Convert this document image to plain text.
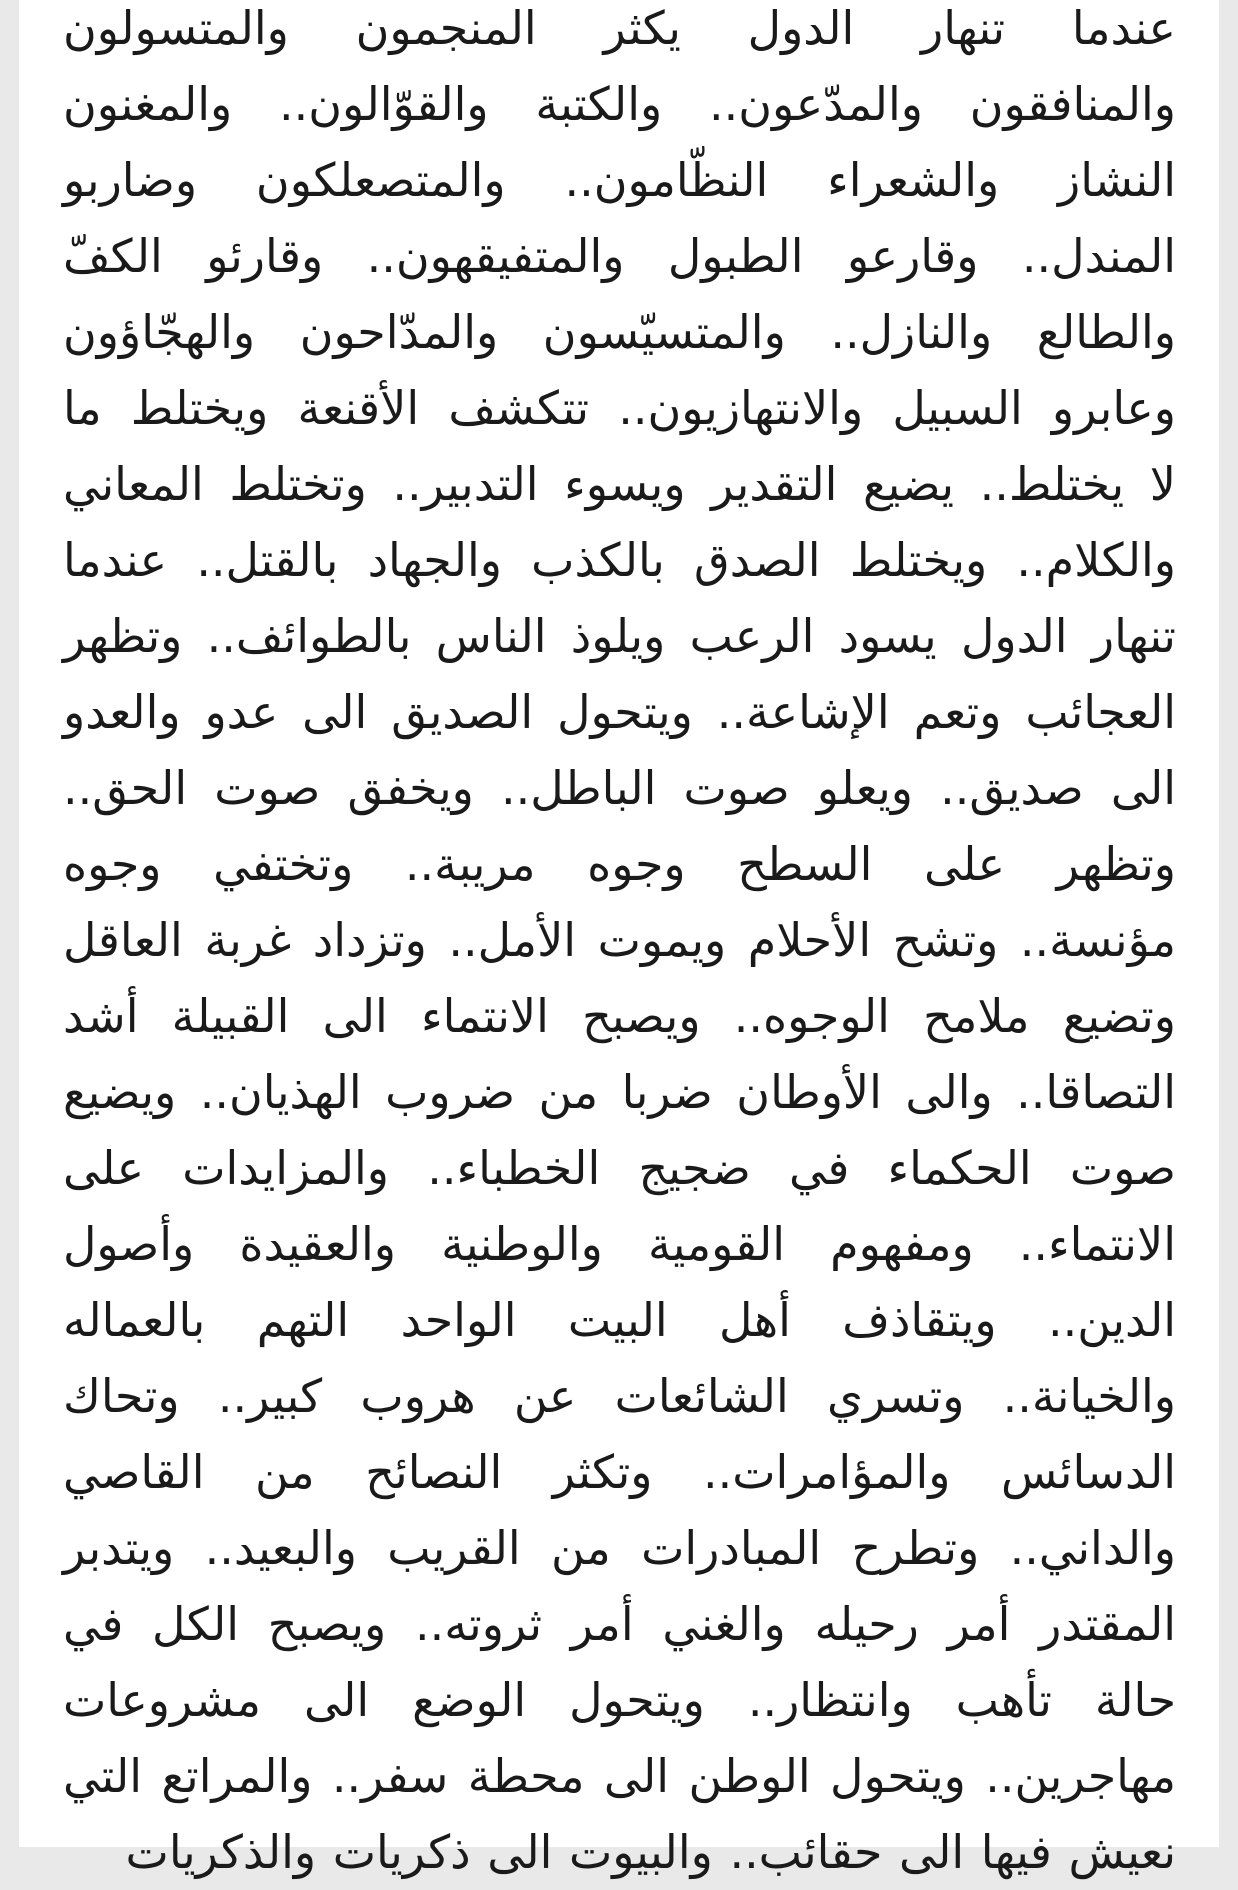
عندما تنهار الدول يكثر المنجمون والمتسولون
والمنافقون والمدّعون.. والكتبة والقوّالون.. والمغنون
النشاز والشعراء النظّامون.. والمتصعلكون وضاربو
المندل.. وقارعو الطبول والمتفيقهون.. وقارئو الكفّ
والطالع والنازل.. والمتسيّسون والمدّاحون والهجّاؤون
وعابرو السبيل والانتهازيون.. تتكشف الأقنعة ويختلط ما
لا يختلط.. يضيع التقدير ويسوء التدبير.. وتختلط المعاني
والكلام.. ويختلط الصدق بالكذب والجهاد بالقتل.. عندما
تنهار الدول يسود الرعب ويلوذ الناس بالطوائف.. وتظهر
العجائب وتعم الإشاعة.. ويتحول الصديق الى عدو والعدو
الى صديق.. ويعلو صوت الباطل.. ويخفق صوت الحق..
وتظهر على السطح وجوه مريبة.. وتختفي وجوه
مؤنسة.. وتشح الأحلام ويموت الأمل.. وتزداد غربة العاقل
وتضيع ملامح الوجوه.. ويصبح الانتماء الى القبيلة أشد
التصاقا.. والى الأوطان ضربا من ضروب الهذيان.. ويضيع
صوت الحكماء في ضجيج الخطباء.. والمزايدات على
الانتماء.. ومفهوم القومية والوطنية والعقيدة وأصول
الدين.. ويتقاذف أهل البيت الواحد التهم بالعماله
والخيانة.. وتسري الشائعات عن هروب كبير.. وتحاك
الدسائس والمؤامرات.. وتكثر النصائح من القاصي
والداني.. وتطرح المبادرات من القريب والبعيد.. ويتدبر
المقتدر أمر رحيله والغني أمر ثروته.. ويصبح الكل في
حالة تأهب وانتظار.. ويتحول الوضع الى مشروعات
مهاجرين.. ويتحول الوطن الى محطة سفر.. والمراتع التي
نعيش فيها الى حقائب.. والبيوت الى ذكريات والذكريات
